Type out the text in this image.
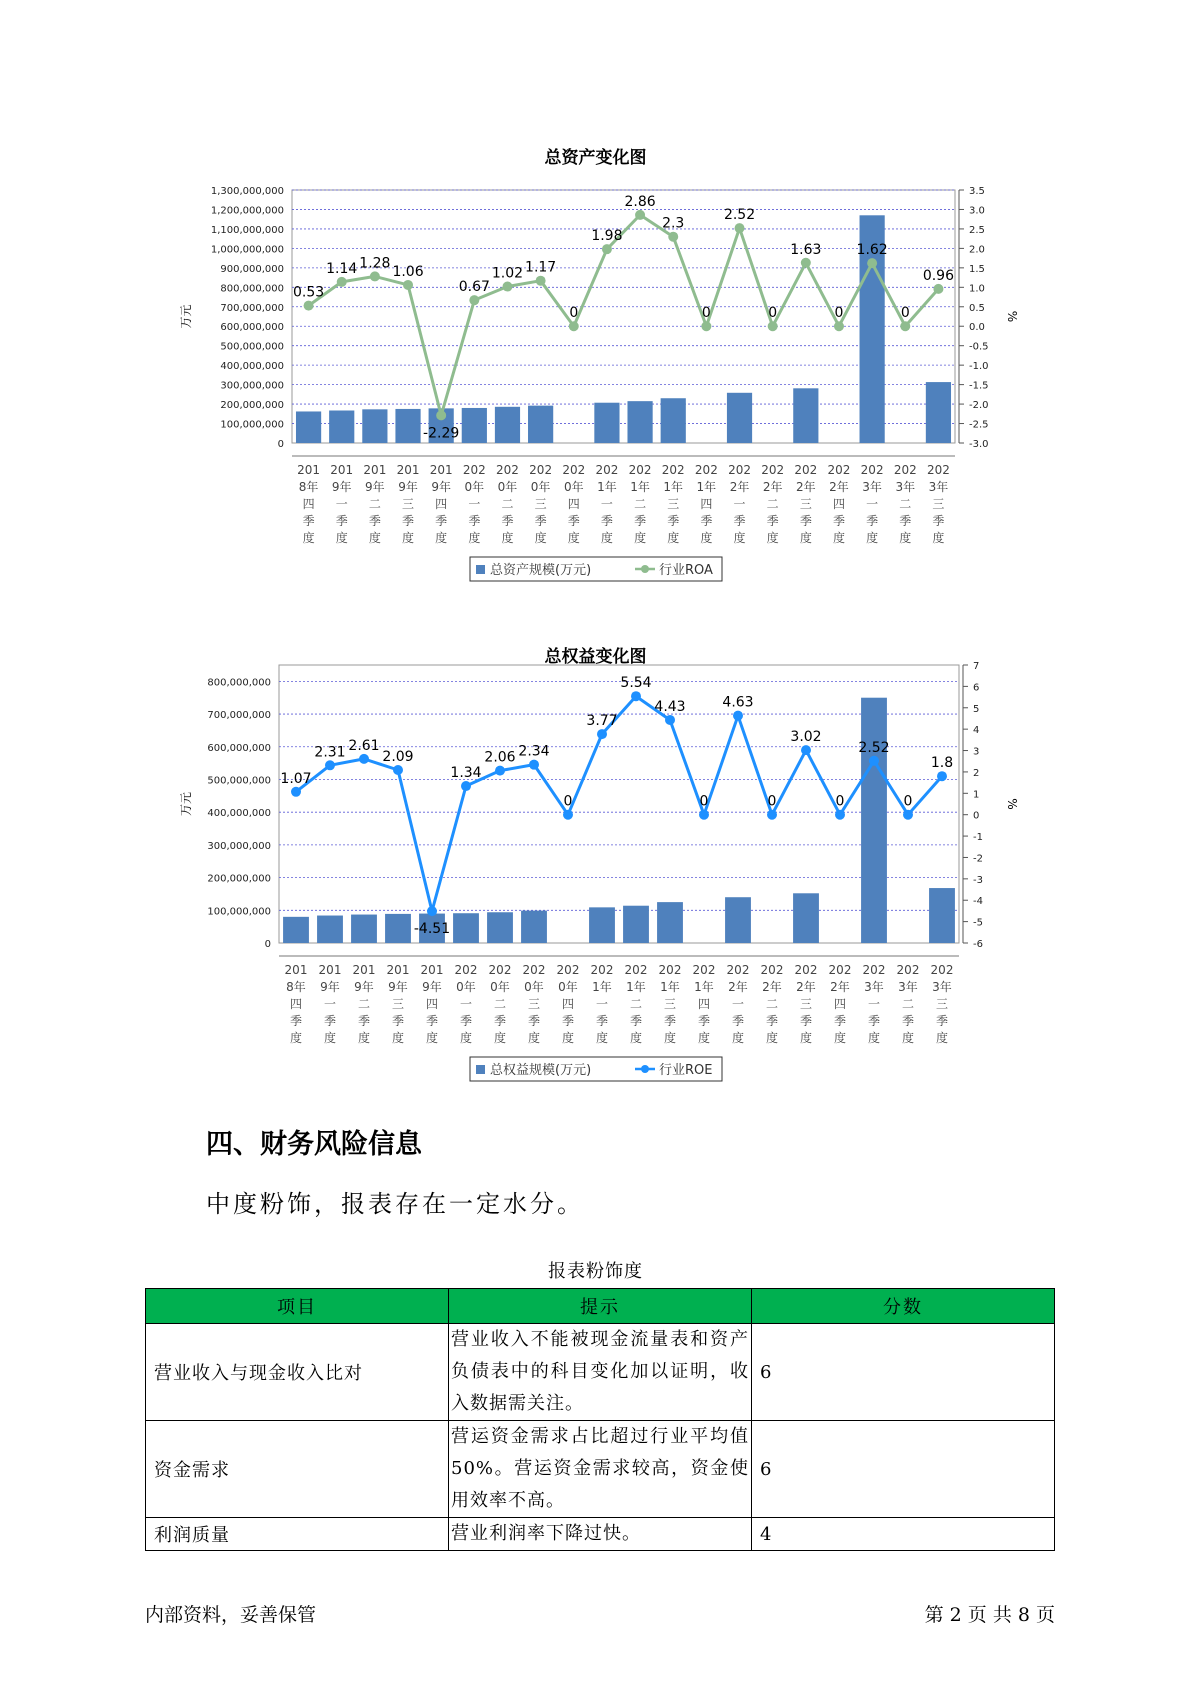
总资产变化图
0
100,000,000
200,000,000
300,000,000
400,000,000
500,000,000
600,000,000
700,000,000
800,000,000
900,000,000
1,000,000,000
1,100,000,000
1,200,000,000
1,300,000,000
-3.0
-2.5
-2.0
-1.5
-1.0
-0.5
0.0
0.5
1.0
1.5
2.0
2.5
3.0
3.5
万元	%
0.53
1.14 1.28
1.06
-2.29
0.67
1.02 1.17
0
1.98
2.86
2.3
0
2.52
0
1.63
0
1.62
0
0.96
201 8年四季度
201 9年一季度
201 9年二季度
201 9年三季度
201 9年四季度
202 0年一季度
202 0年二季度
202 0年三季度
202 0年四季度
202 1年一季度
202 1年二季度
202 1年三季度
202 1年四季度
202 2年一季度
202 2年二季度
202 2年三季度
202 2年四季度
202 3年一季度
202 3年二季度
202 3年三季度
总资产规模(万元)	行业ROA
总权益变化图
0
100,000,000
200,000,000
300,000,000
400,000,000
500,000,000
600,000,000
700,000,000
800,000,000
-6
-5
-4
-3
-2
-1
0
1
2
3
4
5
6
7
万元	%
1.07
2.31 2.61
2.09
-4.51
1.34
2.06 2.34
0
3.77
5.54
4.43
0
4.63
0
3.02
0
2.52
0
1.8
201 8年四季度
201 9年一季度
201 9年二季度
201 9年三季度
201 9年四季度
202 0年一季度
202 0年二季度
202 0年三季度
202 0年四季度
202 1年一季度
202 1年二季度
202 1年三季度
202 1年四季度
202 2年一季度
202 2年二季度
202 2年三季度
202 2年四季度
202 3年一季度
202 3年二季度
202 3年三季度
总权益规模(万元)	行业ROE
四、财务风险信息
中度粉饰，报表存在一定水分。
报表粉饰度
项目	提示	分数
营业收入与现金收入比对	营业收入不能被现金流量表和资产负债表中的科目变化加以证明，收入数据需关注。	6
资金需求	营运资金需求占比超过行业平均值50%。营运资金需求较高，资金使用效率不高。	6
利润质量	营业利润率下降过快。	4
内部资料，妥善保管	第 2 页 共 8 页
